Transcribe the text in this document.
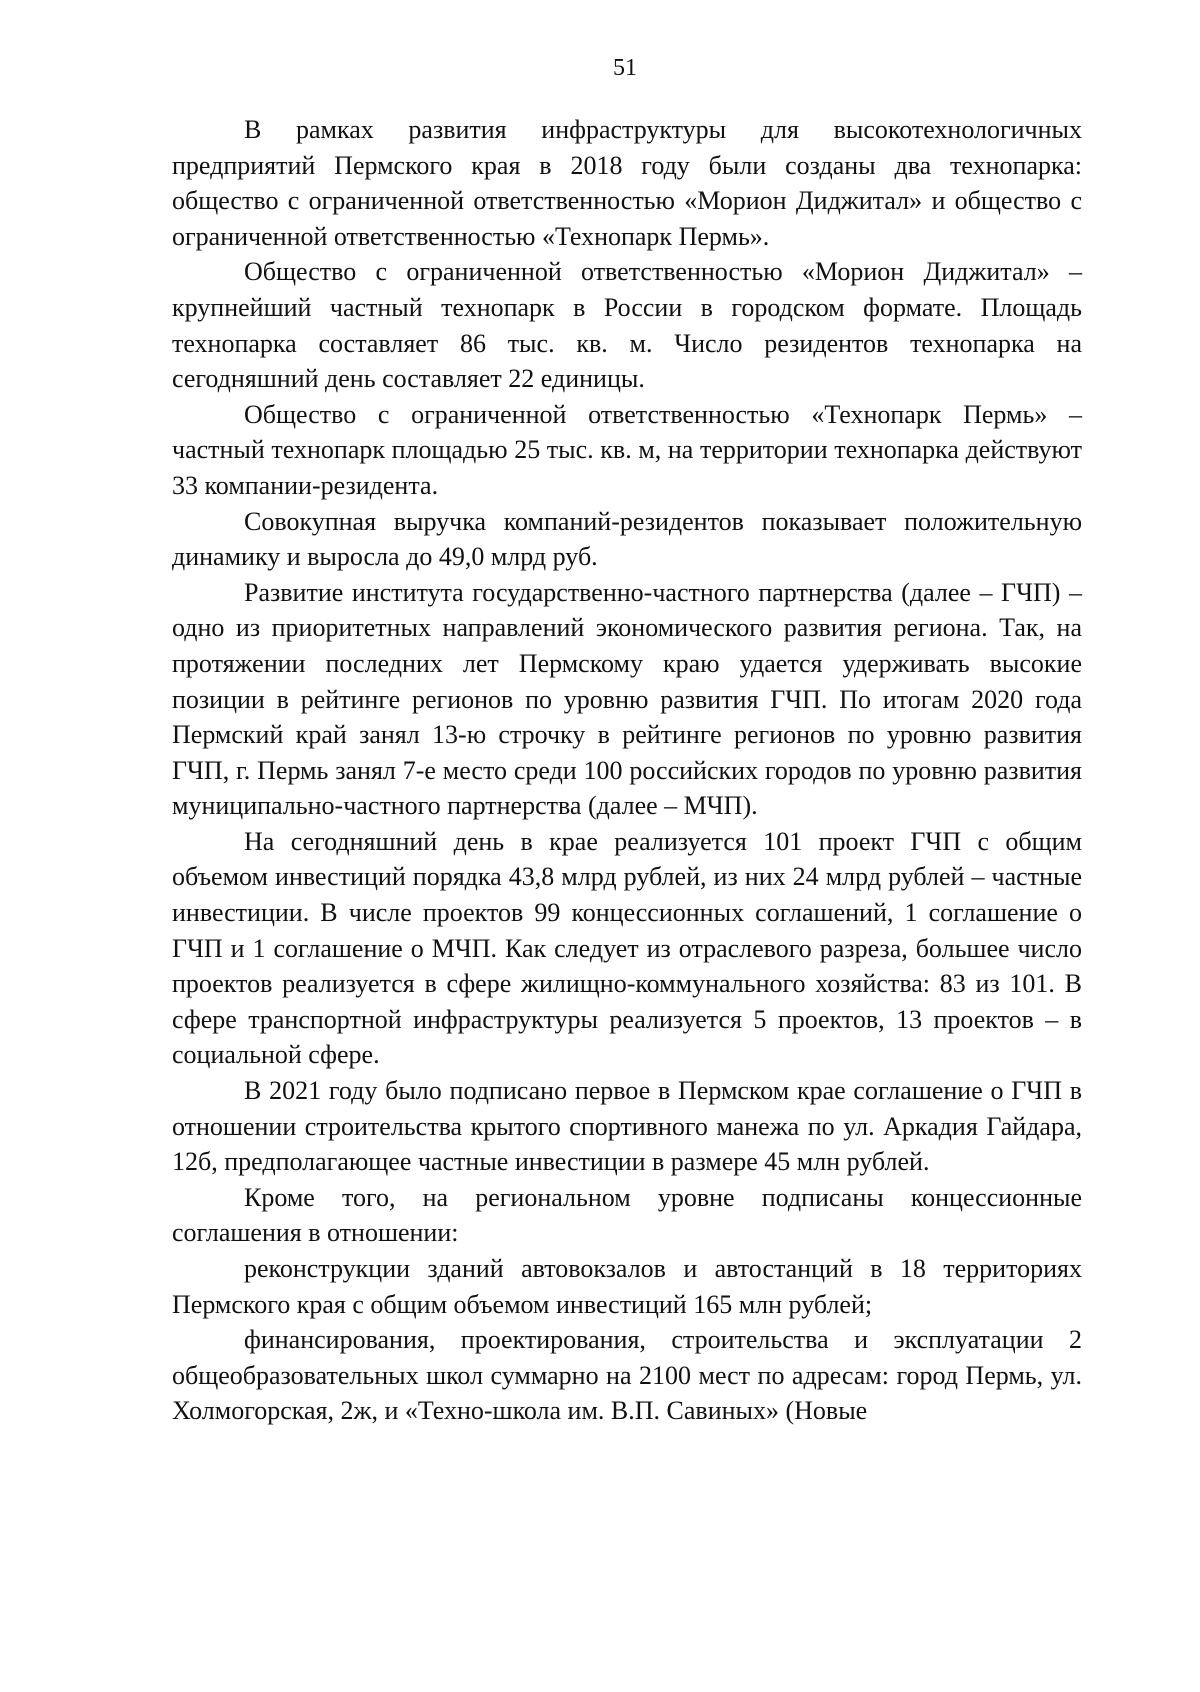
51

В рамках развития инфраструктуры для высокотехнологичных предприятий Пермского края в 2018 году были созданы два технопарка: общество с ограниченной ответственностью «Морион Диджитал» и общество с ограниченной ответственностью «Технопарк Пермь».

Общество с ограниченной ответственностью «Морион Диджитал» – крупнейший частный технопарк в России в городском формате. Площадь технопарка составляет 86 тыс. кв. м. Число резидентов технопарка на сегодняшний день составляет 22 единицы.

Общество с ограниченной ответственностью «Технопарк Пермь» – частный технопарк площадью 25 тыс. кв. м, на территории технопарка действуют 33 компании-резидента.

Совокупная выручка компаний-резидентов показывает положительную динамику и выросла до 49,0 млрд руб.

Развитие института государственно-частного партнерства (далее – ГЧП) – одно из приоритетных направлений экономического развития региона. Так, на протяжении последних лет Пермскому краю удается удерживать высокие позиции в рейтинге регионов по уровню развития ГЧП. По итогам 2020 года Пермский край занял 13-ю строчку в рейтинге регионов по уровню развития ГЧП, г. Пермь занял 7-е место среди 100 российских городов по уровню развития муниципально-частного партнерства (далее – МЧП).

На сегодняшний день в крае реализуется 101 проект ГЧП с общим объемом инвестиций порядка 43,8 млрд рублей, из них 24 млрд рублей – частные инвестиции. В числе проектов 99 концессионных соглашений, 1 соглашение о ГЧП и 1 соглашение о МЧП. Как следует из отраслевого разреза, большее число проектов реализуется в сфере жилищно-коммунального хозяйства: 83 из 101. В сфере транспортной инфраструктуры реализуется 5 проектов, 13 проектов – в социальной сфере.

В 2021 году было подписано первое в Пермском крае соглашение о ГЧП в отношении строительства крытого спортивного манежа по ул. Аркадия Гайдара, 12б, предполагающее частные инвестиции в размере 45 млн рублей.

Кроме того, на региональном уровне подписаны концессионные соглашения в отношении:

реконструкции зданий автовокзалов и автостанций в 18 территориях Пермского края с общим объемом инвестиций 165 млн рублей;

финансирования, проектирования, строительства и эксплуатации 2 общеобразовательных школ суммарно на 2100 мест по адресам: город Пермь, ул. Холмогорская, 2ж, и «Техно-школа им. В.П. Савиных» (Новые
